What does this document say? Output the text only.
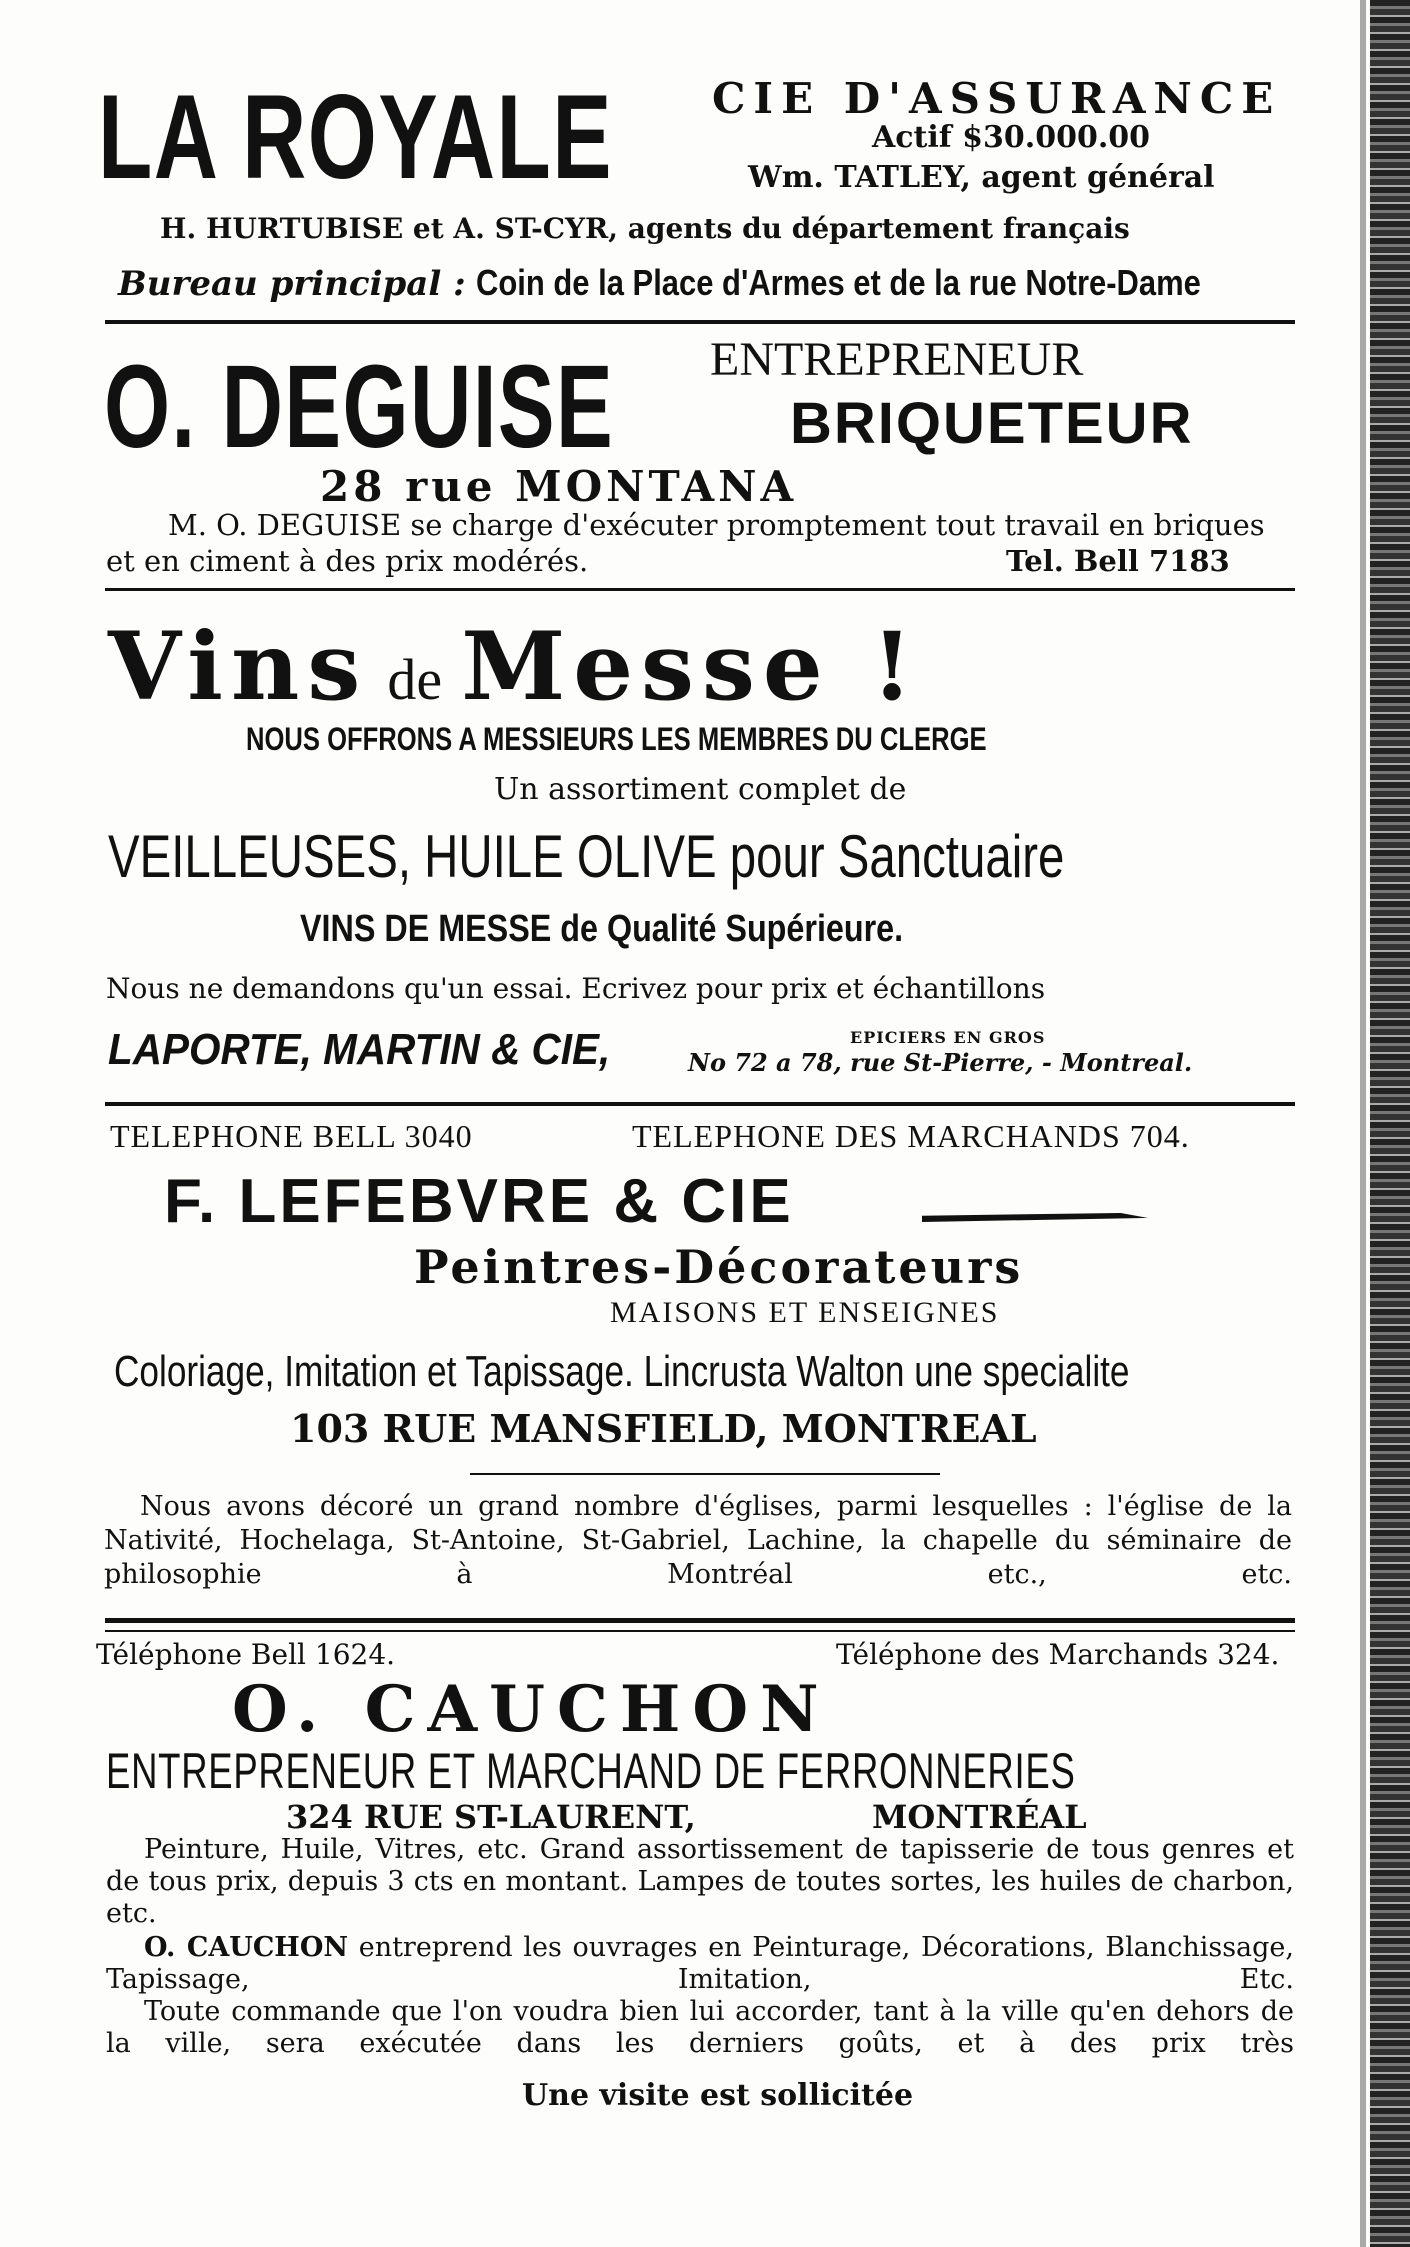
LA ROYALE	CIE D'ASSURANCE
Actif $30.000.00
Wm. TATLEY, agent général
H. HURTUBISE et A. ST-CYR, agents du département français
Bureau principal : Coin de la Place d'Armes et de la rue Notre-Dame
O. DEGUISE	ENTREPRENEUR
BRIQUETEUR
28 rue MONTANA
M. O. DEGUISE se charge d'exécuter promptement tout travail en briques
et en ciment à des prix modérés.	Tel. Bell 7183
Vins de Messe !
NOUS OFFRONS A MESSIEURS LES MEMBRES DU CLERGE
Un assortiment complet de
VEILLEUSES, HUILE OLIVE pour Sanctuaire
VINS DE MESSE de Qualité Supérieure.
Nous ne demandons qu'un essai. Ecrivez pour prix et échantillons
LAPORTE, MARTIN & CIE,	EPICIERS EN GROS
No 72 a 78, rue St-Pierre, - Montreal.
TELEPHONE BELL 3040	TELEPHONE DES MARCHANDS 704.
F. LEFEBVRE & CIE
Peintres-Décorateurs
MAISONS ET ENSEIGNES
Coloriage, Imitation et Tapissage. Lincrusta Walton une specialite
103 RUE MANSFIELD, MONTREAL
Nous avons décoré un grand nombre d'églises, parmi lesquelles : l'église de la Nativité, Hochelaga, St-Antoine, St-Gabriel, Lachine, la chapelle du séminaire de philosophie à Montréal etc., etc.
Téléphone Bell 1624.	Téléphone des Marchands 324.
O. CAUCHON
ENTREPRENEUR ET MARCHAND DE FERRONNERIES
324 RUE ST-LAURENT,	MONTRÉAL
Peinture, Huile, Vitres, etc. Grand assortissement de tapisserie de tous genres et de tous prix, depuis 3 cts en montant. Lampes de toutes sortes, les huiles de charbon, etc.
O. CAUCHON entreprend les ouvrages en Peinturage, Décorations, Blanchissage, Tapissage, Imitation, Etc.
Toute commande que l'on voudra bien lui accorder, tant à la ville qu'en dehors de la ville, sera exécutée dans les derniers goûts, et à des prix très
Une visite est sollicitée
